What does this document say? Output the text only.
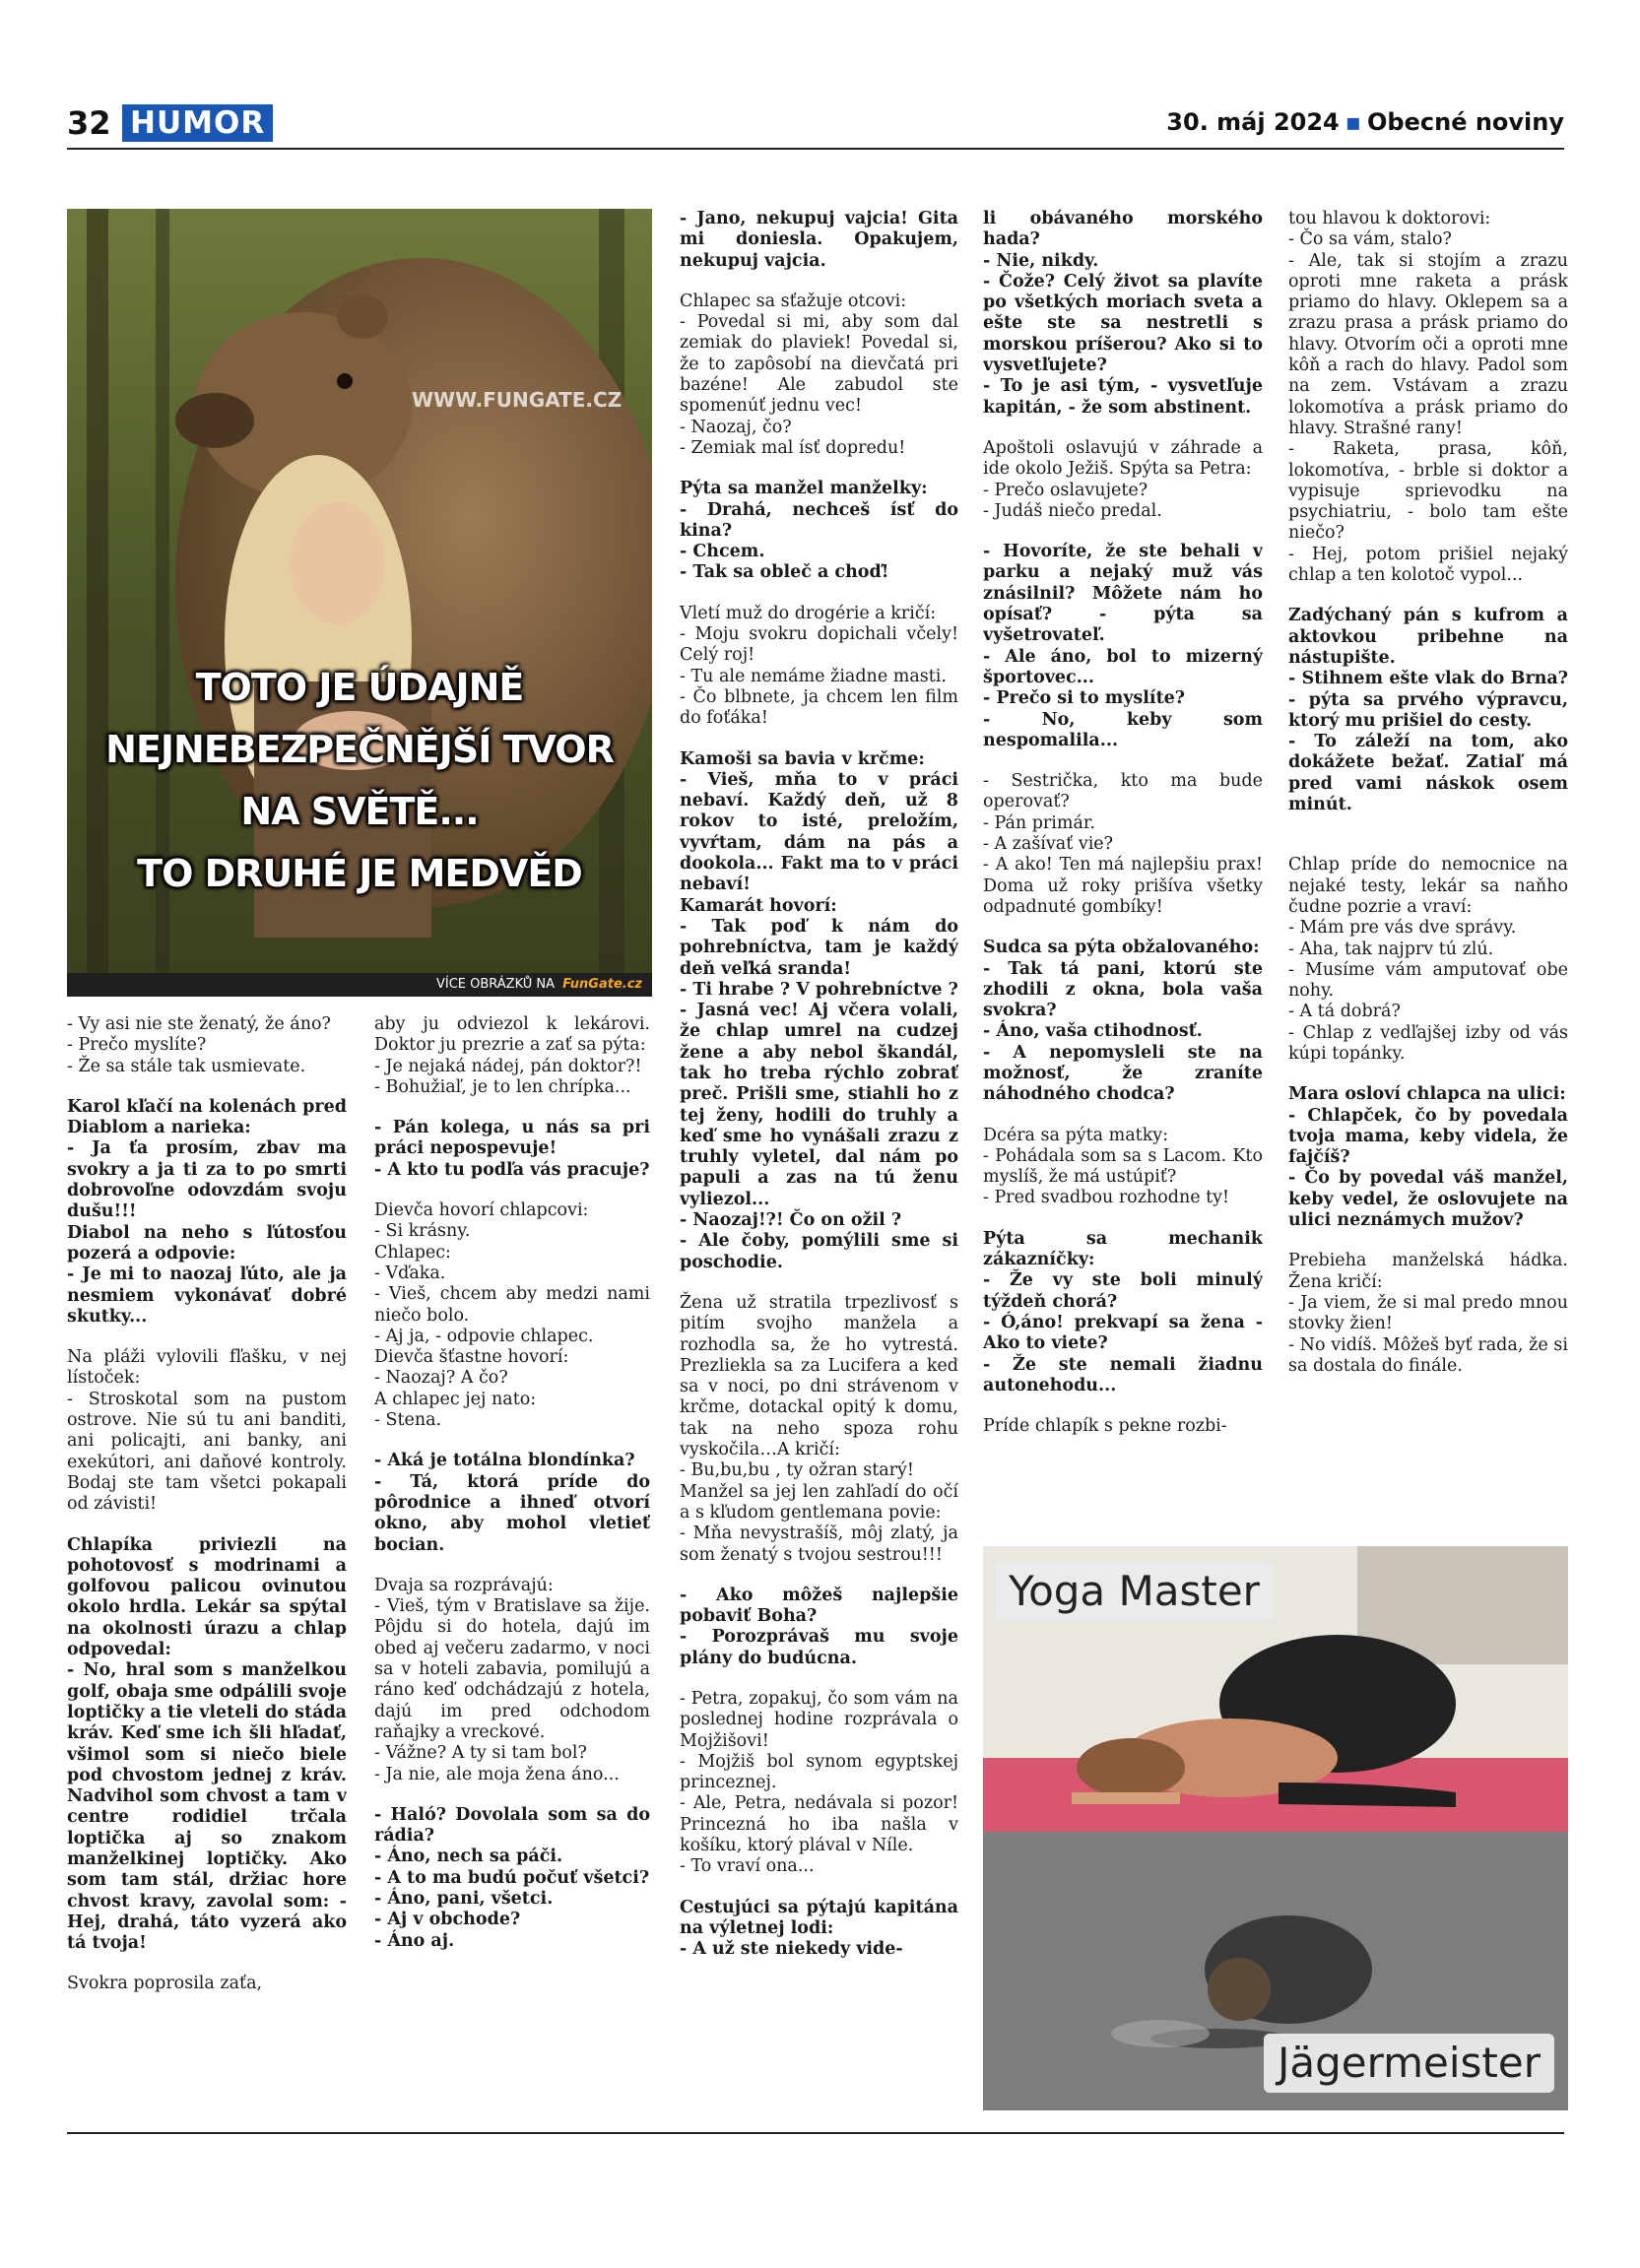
32 HUMOR	30. máj 2024 ▪ Obecné noviny
WWW.FUNGATE.CZ
TOTO JE ÚDAJNĚ
NEJNEBEZPEČNĚJŠÍ TVOR
NA SVĚTĚ...
TO DRUHÉ JE MEDVĚD
VÍCE OBRÁZKŮ NA FunGate.cz
Yoga Master
Jägermeister
- Vy asi nie ste ženatý, že áno?
- Prečo myslíte?
- Že sa stále tak usmievate.
Karol kľačí na kolenách pred Diablom a narieka:
- Ja ťa prosím, zbav ma svokry a ja ti za to po smrti dobrovoľne odovzdám svoju dušu!!!
Diabol na neho s ľútosťou pozerá a odpovie:
- Je mi to naozaj ľúto, ale ja nesmiem vykonávať dobré skutky...
Na pláži vylovili fľašku, v nej lístoček:
- Stroskotal som na pustom ostrove. Nie sú tu ani banditi, ani policajti, ani banky, ani exekútori, ani daňové kontroly. Bodaj ste tam všetci pokapali od závisti!
Chlapíka priviezli na pohotovosť s modrinami a golfovou palicou ovinutou okolo hrdla. Lekár sa spýtal na okolnosti úrazu a chlap odpovedal:
- No, hral som s manželkou golf, obaja sme odpálili svoje loptičky a tie vleteli do stáda kráv. Keď sme ich šli hľadať, všimol som si niečo biele pod chvostom jednej z kráv. Nadvihol som chvost a tam v centre rodidiel trčala loptička aj so znakom manželkinej loptičky. Ako som tam stál, držiac hore chvost kravy, zavolal som: - Hej, drahá, táto vyzerá ako tá tvoja!
Svokra poprosila zaťa,
aby ju odviezol k lekárovi. Doktor ju prezrie a zať sa pýta:
- Je nejaká nádej, pán doktor?!
- Bohužiaľ, je to len chrípka...
- Pán kolega, u nás sa pri práci nepospevuje!
- A kto tu podľa vás pracuje?
Dievča hovorí chlapcovi:
- Si krásny.
Chlapec:
- Vďaka.
- Vieš, chcem aby medzi nami niečo bolo.
- Aj ja, - odpovie chlapec.
Dievča šťastne hovorí:
- Naozaj? A čo?
A chlapec jej nato:
- Stena.
- Aká je totálna blondínka?
- Tá, ktorá príde do pôrodnice a ihneď otvorí okno, aby mohol vletieť bocian.
Dvaja sa rozprávajú:
- Vieš, tým v Bratislave sa žije. Pôjdu si do hotela, dajú im obed aj večeru zadarmo, v noci sa v hoteli zabavia, pomilujú a ráno keď odchádzajú z hotela, dajú im pred odchodom raňajky a vreckové.
- Vážne? A ty si tam bol?
- Ja nie, ale moja žena áno...
- Haló? Dovolala som sa do rádia?
- Áno, nech sa páči.
- A to ma budú počuť všetci?
- Áno, pani, všetci.
- Aj v obchode?
- Áno aj.
- Jano, nekupuj vajcia! Gita mi doniesla. Opakujem, nekupuj vajcia.
Chlapec sa sťažuje otcovi:
- Povedal si mi, aby som dal zemiak do plaviek! Povedal si, že to zapôsobí na dievčatá pri bazéne! Ale zabudol ste spomenúť jednu vec!
- Naozaj, čo?
- Zemiak mal ísť dopredu!
Pýta sa manžel manželky:
- Drahá, nechceš ísť do kina?
- Chcem.
- Tak sa obleč a choď!
Vletí muž do drogérie a kričí:
- Moju svokru dopichali včely! Celý roj!
- Tu ale nemáme žiadne masti.
- Čo blbnete, ja chcem len film do foťáka!
Kamoši sa bavia v krčme:
- Vieš, mňa to v práci nebaví. Každý deň, už 8 rokov to isté, preložím, vyvŕtam, dám na pás a dookola... Fakt ma to v práci nebaví!
Kamarát hovorí:
- Tak poď k nám do pohrebníctva, tam je každý deň veľká sranda!
- Ti hrabe ? V pohrebníctve ?
- Jasná vec! Aj včera volali, že chlap umrel na cudzej žene a aby nebol škandál, tak ho treba rýchlo zobrať preč. Prišli sme, stiahli ho z tej ženy, hodili do truhly a keď sme ho vynášali zrazu z truhly vyletel, dal nám po papuli a zas na tú ženu vyliezol...
- Naozaj!?! Čo on ožil ?
- Ale čoby, pomýlili sme si poschodie.
Žena už stratila trpezlivosť s pitím svojho manžela a rozhodla sa, že ho vytrestá. Prezliekla sa za Lucifera a keď sa v noci, po dni strávenom v krčme, dotackal opitý k domu, tak na neho spoza rohu vyskočila…A kričí:
- Bu,bu,bu , ty ožran starý!
Manžel sa jej len zahľadí do očí a s kľudom gentlemana povie:
- Mňa nevystrašíš, môj zlatý, ja som ženatý s tvojou sestrou!!!
- Ako môžeš najlepšie pobaviť Boha?
- Porozprávaš mu svoje plány do budúcna.
- Petra, zopakuj, čo som vám na poslednej hodine rozprávala o Mojžišovi!
- Mojžiš bol synom egyptskej princeznej.
- Ale, Petra, nedávala si pozor! Princezná ho iba našla v košíku, ktorý plával v Níle.
- To vraví ona...
Cestujúci sa pýtajú kapitána na výletnej lodi:
- A už ste niekedy vide-
li obávaného morského hada?
- Nie, nikdy.
- Čože? Celý život sa plavíte po všetkých moriach sveta a ešte ste sa nestretli s morskou príšerou? Ako si to vysvetľujete?
- To je asi tým, - vysvetľuje kapitán, - že som abstinent.
Apoštoli oslavujú v záhrade a ide okolo Ježiš. Spýta sa Petra:
- Prečo oslavujete?
- Judáš niečo predal.
- Hovoríte, že ste behali v parku a nejaký muž vás znásilnil? Môžete nám ho opísať? - pýta sa vyšetrovateľ.
- Ale áno, bol to mizerný športovec...
- Prečo si to myslíte?
- No, keby som nespomalila...
- Sestrička, kto ma bude operovať?
- Pán primár.
- A zašívať vie?
- A ako! Ten má najlepšiu prax! Doma už roky prišíva všetky odpadnuté gombíky!
Sudca sa pýta obžalovaného:
- Tak tá pani, ktorú ste zhodili z okna, bola vaša svokra?
- Áno, vaša ctihodnosť.
- A nepomysleli ste na možnosť, že zraníte náhodného chodca?
Dcéra sa pýta matky:
- Pohádala som sa s Lacom. Kto myslíš, že má ustúpiť?
- Pred svadbou rozhodne ty!
Pýta sa mechanik zákazníčky:
- Že vy ste boli minulý týždeň chorá?
- Ó,áno! prekvapí sa žena - Ako to viete?
- Že ste nemali žiadnu autonehodu...
Príde chlapík s pekne rozbi-
tou hlavou k doktorovi:
- Čo sa vám, stalo?
- Ale, tak si stojím a zrazu oproti mne raketa a prásk priamo do hlavy. Oklepem sa a zrazu prasa a prásk priamo do hlavy. Otvorím oči a oproti mne kôň a rach do hlavy. Padol som na zem. Vstávam a zrazu lokomotíva a prásk priamo do hlavy. Strašné rany!
- Raketa, prasa, kôň, lokomotíva, - brble si doktor a vypisuje sprievodku na psychiatriu, - bolo tam ešte niečo?
- Hej, potom prišiel nejaký chlap a ten kolotoč vypol...
Zadýchaný pán s kufrom a aktovkou pribehne na nástupište.
- Stihnem ešte vlak do Brna?- pýta sa prvého výpravcu, ktorý mu prišiel do cesty.
- To záleží na tom, ako dokážete bežať. Zatiaľ má pred vami náskok osem minút.
Chlap príde do nemocnice na nejaké testy, lekár sa naňho čudne pozrie a vraví:
- Mám pre vás dve správy.
- Aha, tak najprv tú zlú.
- Musíme vám amputovať obe nohy.
- A tá dobrá?
- Chlap z vedľajšej izby od vás kúpi topánky.
Mara osloví chlapca na ulici:
- Chlapček, čo by povedala tvoja mama, keby videla, že fajčíš?
- Čo by povedal váš manžel, keby vedel, že oslovujete na ulici neznámych mužov?
Prebieha manželská hádka. Žena kričí:
- Ja viem, že si mal predo mnou stovky žien!
- No vidíš. Môžeš byť rada, že si sa dostala do finále.
